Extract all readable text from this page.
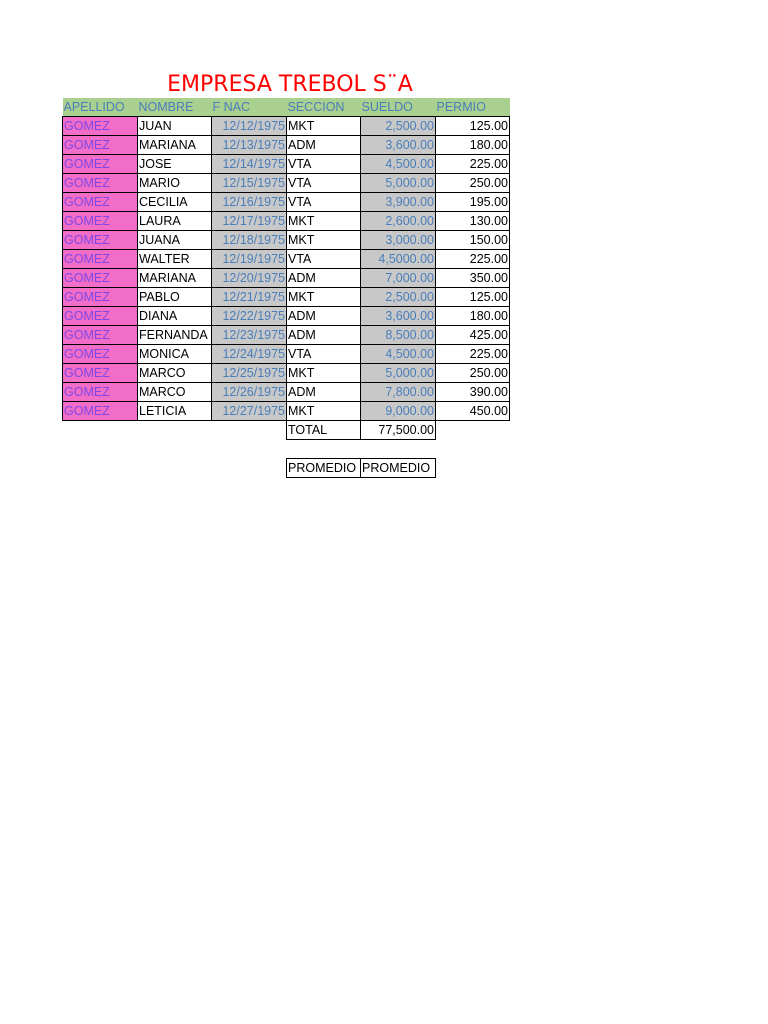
EMPRESA TREBOL S¨A
APELLIDO	NOMBRE	F NAC	SECCION	SUELDO	PERMIO
GOMEZ	JUAN	12/12/1975	MKT	2,500.00	125.00
GOMEZ	MARIANA	12/13/1975	ADM	3,600.00	180.00
GOMEZ	JOSE	12/14/1975	VTA	4,500.00	225.00
GOMEZ	MARIO	12/15/1975	VTA	5,000.00	250.00
GOMEZ	CECILIA	12/16/1975	VTA	3,900.00	195.00
GOMEZ	LAURA	12/17/1975	MKT	2,600.00	130.00
GOMEZ	JUANA	12/18/1975	MKT	3,000.00	150.00
GOMEZ	WALTER	12/19/1975	VTA	4,5000.00	225.00
GOMEZ	MARIANA	12/20/1975	ADM	7,000.00	350.00
GOMEZ	PABLO	12/21/1975	MKT	2,500.00	125.00
GOMEZ	DIANA	12/22/1975	ADM	3,600.00	180.00
GOMEZ	FERNANDA	12/23/1975	ADM	8,500.00	425.00
GOMEZ	MONICA	12/24/1975	VTA	4,500.00	225.00
GOMEZ	MARCO	12/25/1975	MKT	5,000.00	250.00
GOMEZ	MARCO	12/26/1975	ADM	7,800.00	390.00
GOMEZ	LETICIA	12/27/1975	MKT	9,000.00	450.00
			TOTAL	77,500.00	

			PROMEDIO	PROMEDIO	
